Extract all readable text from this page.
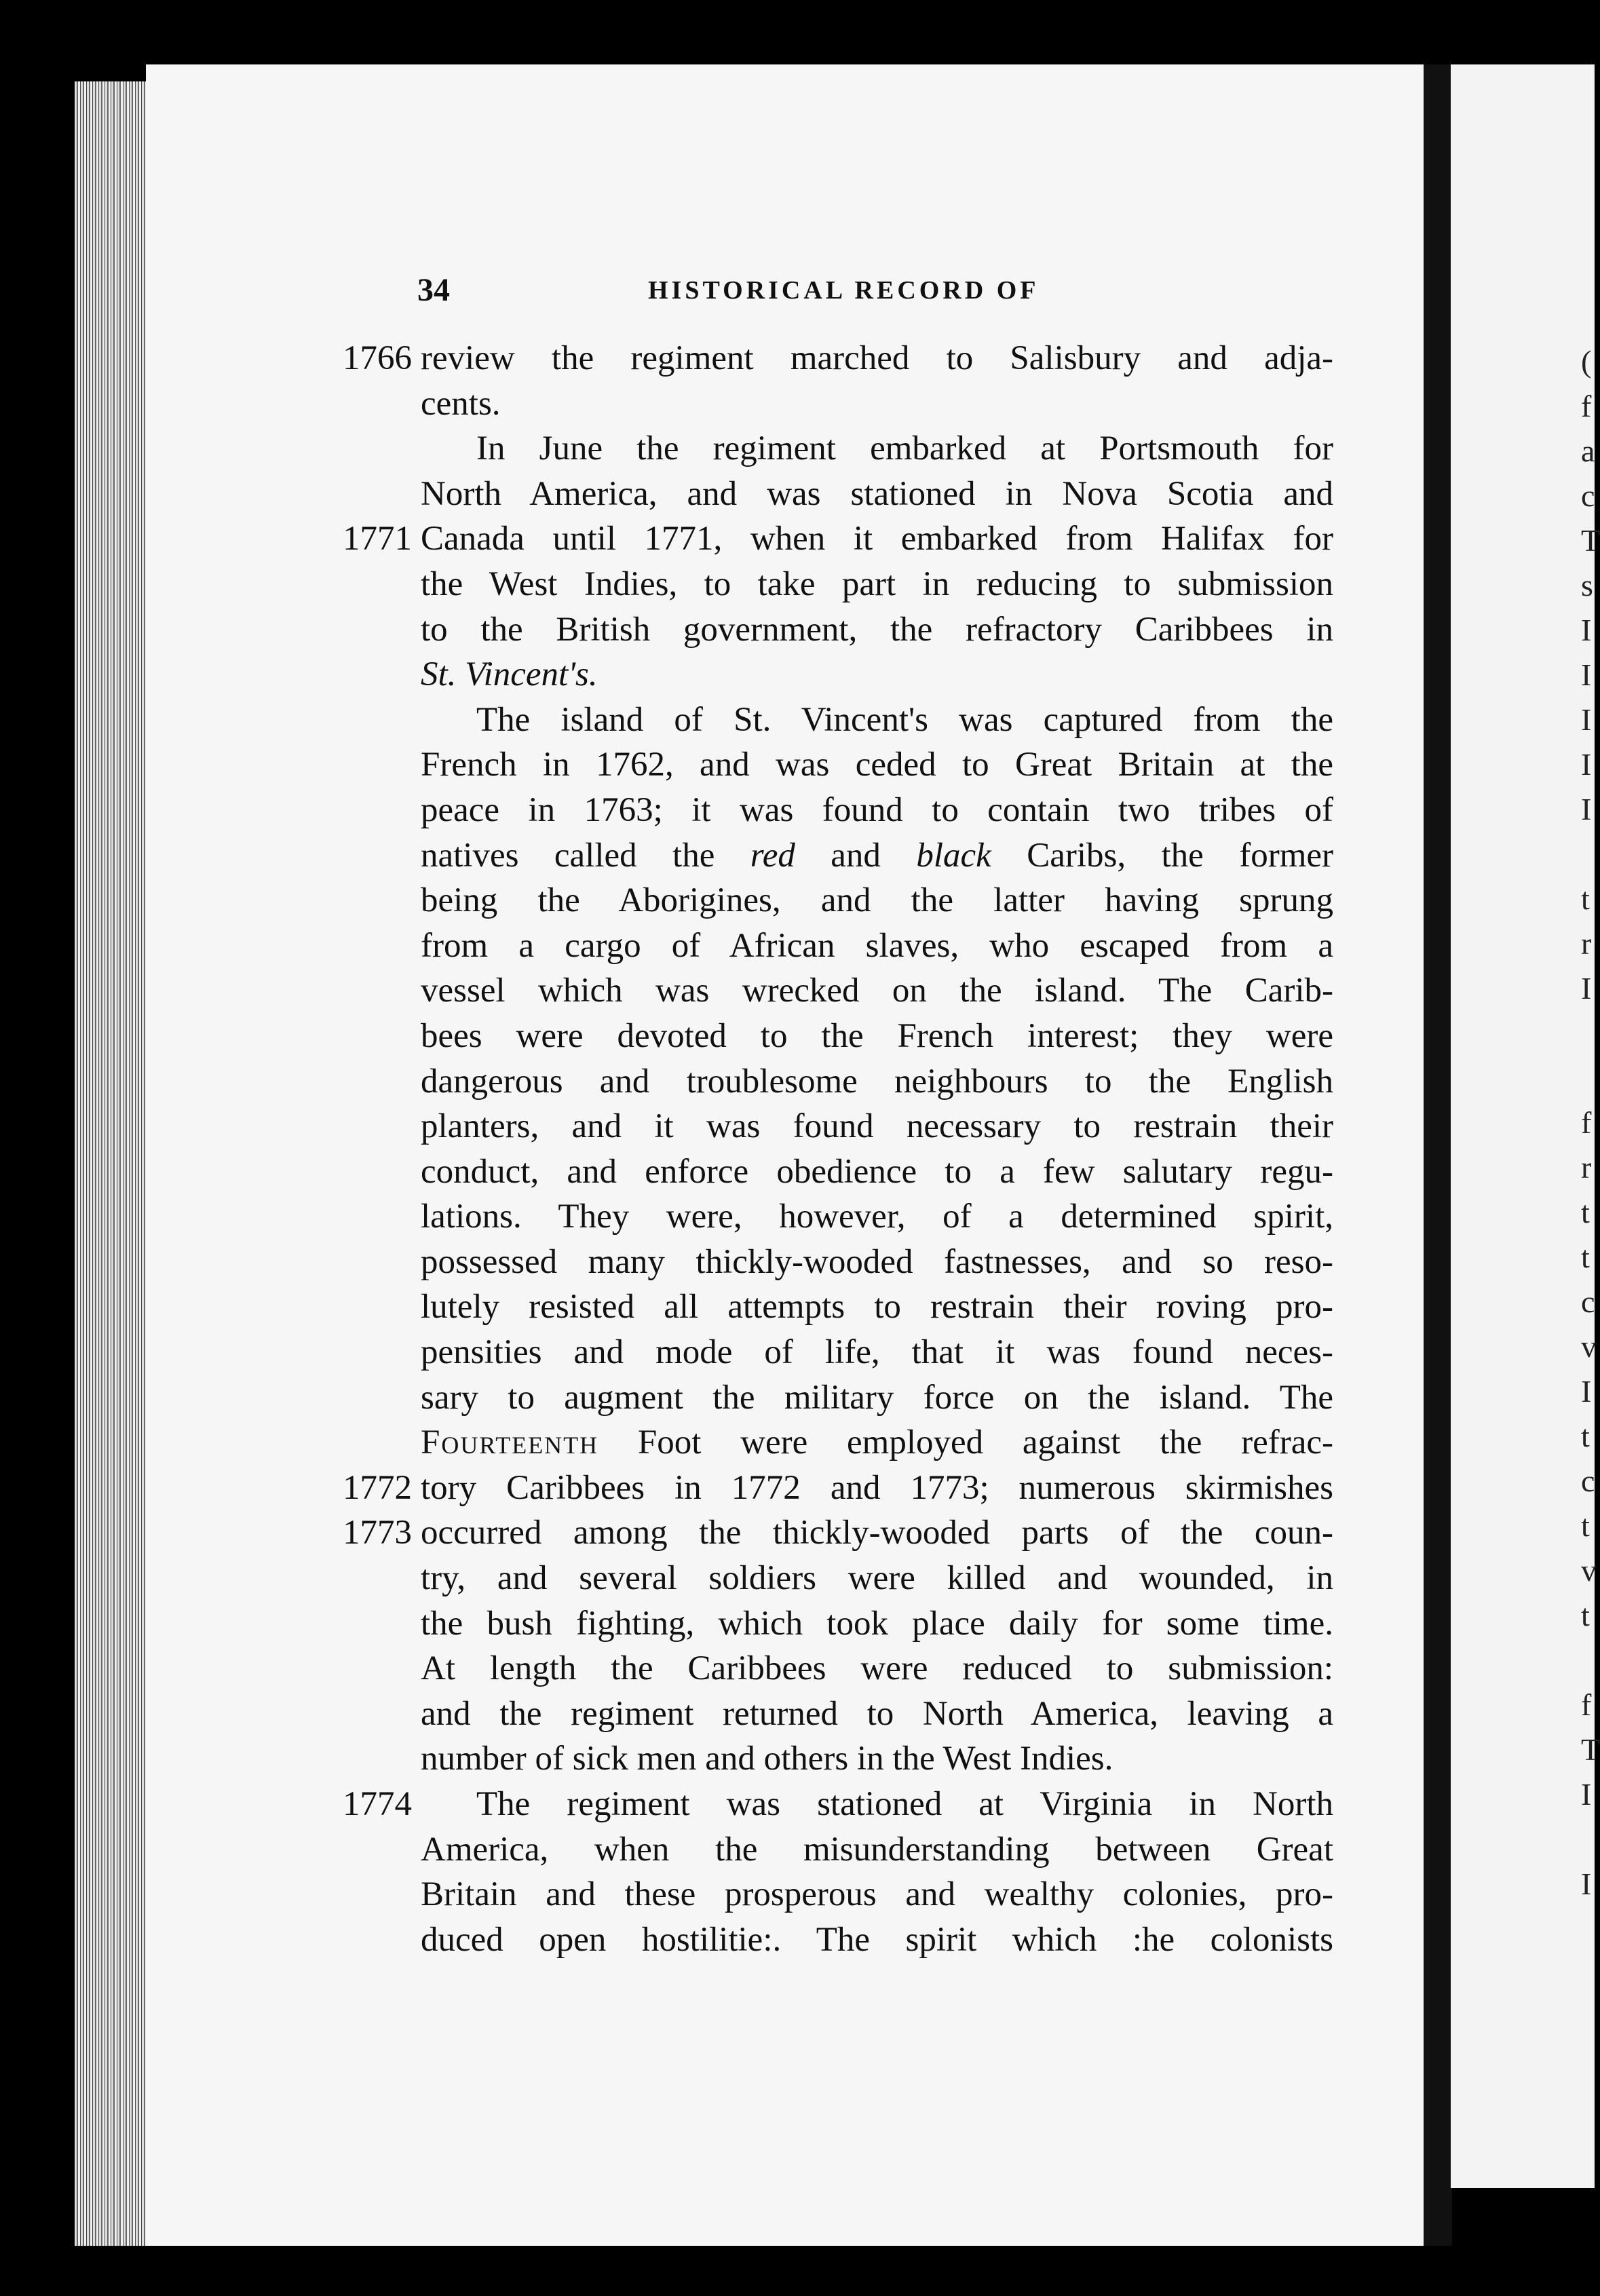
34	HISTORICAL RECORD OF
1766 review the regiment marched to Salisbury and adja-
cents.
In June the regiment embarked at Portsmouth for
North America, and was stationed in Nova Scotia and
1771 Canada until 1771, when it embarked from Halifax for
the West Indies, to take part in reducing to submission
to the British government, the refractory Caribbees in
St. Vincent's.
The island of St. Vincent's was captured from the
French in 1762, and was ceded to Great Britain at the
peace in 1763; it was found to contain two tribes of
natives called the red and black Caribs, the former
being the Aborigines, and the latter having sprung
from a cargo of African slaves, who escaped from a
vessel which was wrecked on the island. The Carib-
bees were devoted to the French interest; they were
dangerous and troublesome neighbours to the English
planters, and it was found necessary to restrain their
conduct, and enforce obedience to a few salutary regu-
lations. They were, however, of a determined spirit,
possessed many thickly-wooded fastnesses, and so reso-
lutely resisted all attempts to restrain their roving pro-
pensities and mode of life, that it was found neces-
sary to augment the military force on the island. The
Fourteenth Foot were employed against the refrac-
1772 tory Caribbees in 1772 and 1773; numerous skirmishes
1773 occurred among the thickly-wooded parts of the coun-
try, and several soldiers were killed and wounded, in
the bush fighting, which took place daily for some time.
At length the Caribbees were reduced to submission:
and the regiment returned to North America, leaving a
number of sick men and others in the West Indies.
1774	The regiment was stationed at Virginia in North
America, when the misunderstanding between Great
Britain and these prosperous and wealthy colonies, pro-
duced open hostilitie:. The spirit which :he colonists
(
f
a
c
T
s
I
I
I
I
I
t
r
I
f
r
t
t
c
v
I
t
c
t
v
t
f
T
I
I
